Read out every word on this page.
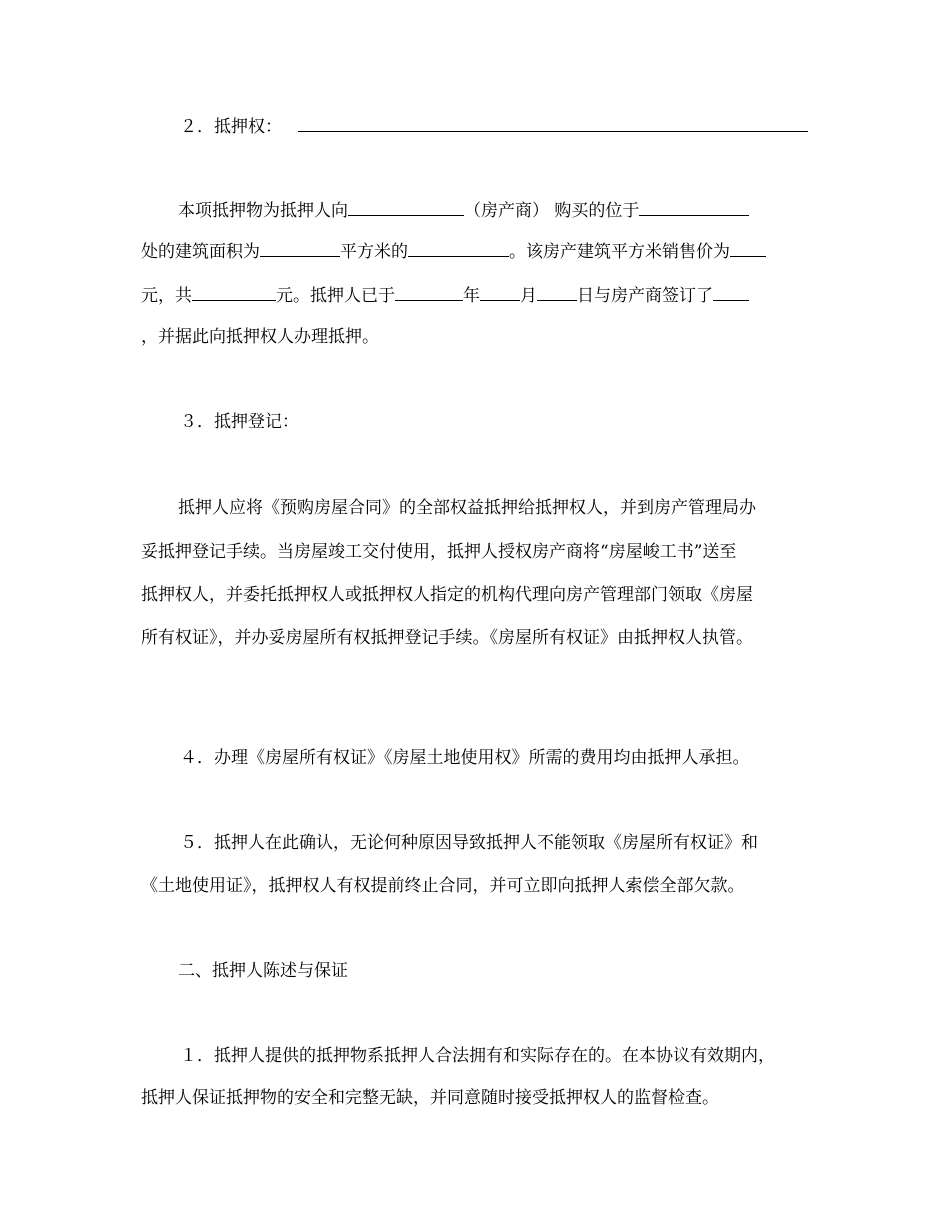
２．抵押权：
本项抵押物为抵押人向	（房产商） 购买的位于
处的建筑面积为	平方米的	。该房产建筑平方米销售价为
元，共	元。抵押人已于	年 月 日与房产商签订了
，并据此向抵押权人办理抵押。
３．抵押登记：
抵押人应将《预购房屋合同》的全部权益抵押给抵押权人，并到房产管理局办
妥抵押登记手续。当房屋竣工交付使用，抵押人授权房产商将“房屋峻工书”送至
抵押权人，并委托抵押权人或抵押权人指定的机构代理向房产管理部门领取《房屋
所有权证》，并办妥房屋所有权抵押登记手续。《房屋所有权证》由抵押权人执管。
４．办理《房屋所有权证》《房屋土地使用权》所需的费用均由抵押人承担。
５．抵押人在此确认，无论何种原因导致抵押人不能领取《房屋所有权证》和
《土地使用证》，抵押权人有权提前终止合同，并可立即向抵押人索偿全部欠款。
二、抵押人陈述与保证
１．抵押人提供的抵押物系抵押人合法拥有和实际存在的。在本协议有效期内，
抵押人保证抵押物的安全和完整无缺，并同意随时接受抵押权人的监督检查。
